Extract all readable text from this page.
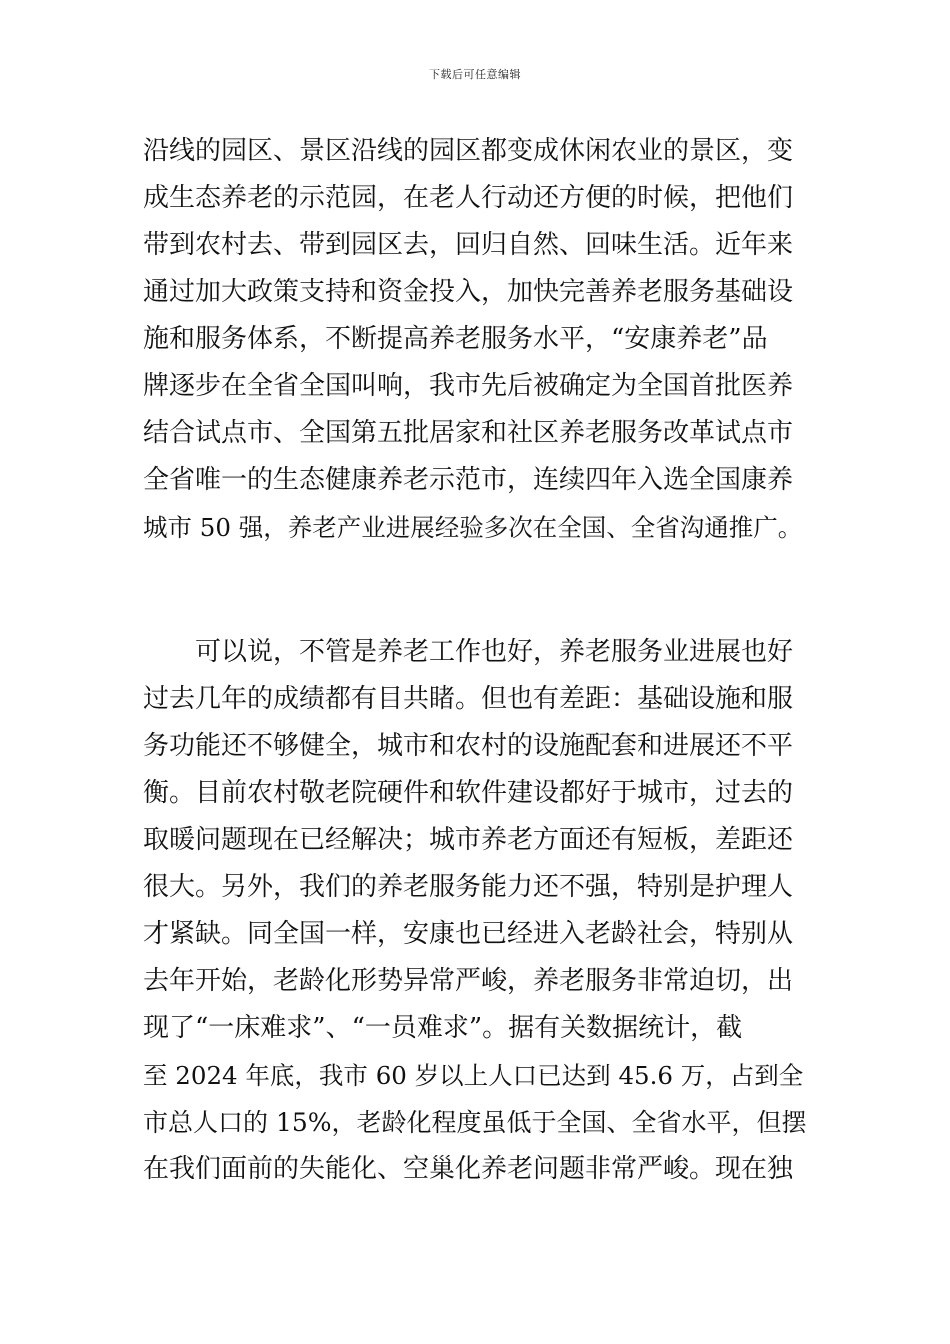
下载后可任意编辑
沿线的园区、景区沿线的园区都变成休闲农业的景区，变
成生态养老的示范园，在老人行动还方便的时候，把他们
带到农村去、带到园区去，回归自然、回味生活。近年来
通过加大政策支持和资金投入，加快完善养老服务基础设
施和服务体系，不断提高养老服务水平，“安康养老”品
牌逐步在全省全国叫响，我市先后被确定为全国首批医养
结合试点市、全国第五批居家和社区养老服务改革试点市
全省唯一的生态健康养老示范市，连续四年入选全国康养
城市 50 强，养老产业进展经验多次在全国、全省沟通推广。
可以说，不管是养老工作也好，养老服务业进展也好
过去几年的成绩都有目共睹。但也有差距：基础设施和服
务功能还不够健全，城市和农村的设施配套和进展还不平
衡。目前农村敬老院硬件和软件建设都好于城市，过去的
取暖问题现在已经解决；城市养老方面还有短板，差距还
很大。另外，我们的养老服务能力还不强，特别是护理人
才紧缺。同全国一样，安康也已经进入老龄社会，特别从
去年开始，老龄化形势异常严峻，养老服务非常迫切，出
现了“一床难求”、“一员难求”。据有关数据统计，截
至 2024 年底，我市 60 岁以上人口已达到 45.6 万，占到全
市总人口的 15%，老龄化程度虽低于全国、全省水平，但摆
在我们面前的失能化、空巢化养老问题非常严峻。现在独
